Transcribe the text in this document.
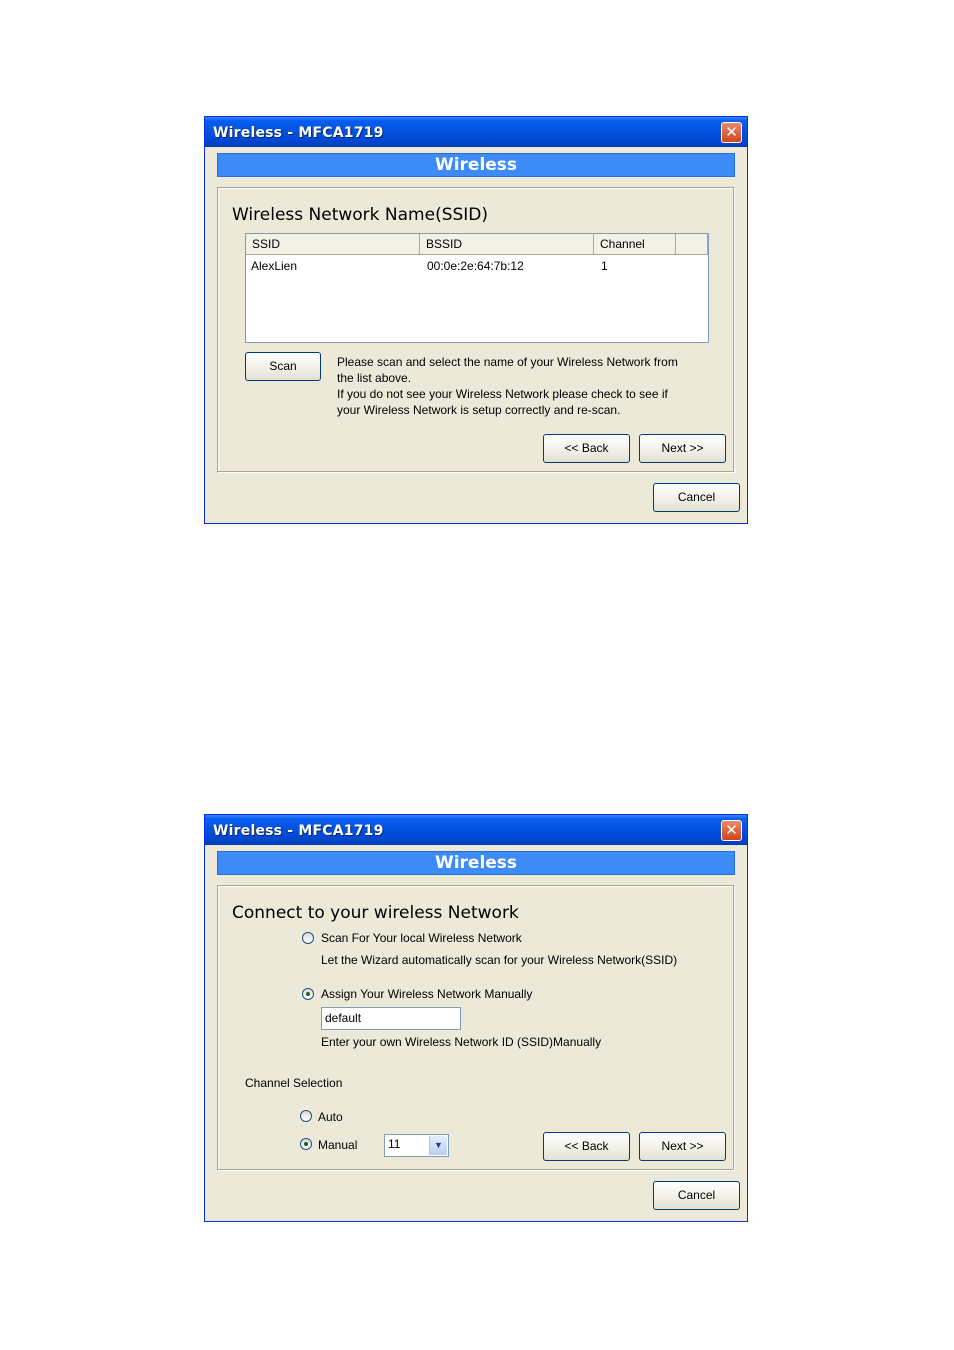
Wireless - MFCA1719	✕
Wireless
Wireless Network Name(SSID)
SSID	BSSID	Channel
AlexLien	00:0e:2e:64:7b:12	1
Scan	Please scan and select the name of your Wireless Network from
the list above.
If you do not see your Wireless Network please check to see if
your Wireless Network is setup correctly and re-scan.
<< Back	Next >>
Cancel
Wireless - MFCA1719	✕
Wireless
Connect to your wireless Network
Scan For Your local Wireless Network
Let the Wizard automatically scan for your Wireless Network(SSID)
Assign Your Wireless Network Manually
default
Enter your own Wireless Network ID (SSID)Manually
Channel Selection
Auto
Manual	11	▼	<< Back	Next >>
Cancel
